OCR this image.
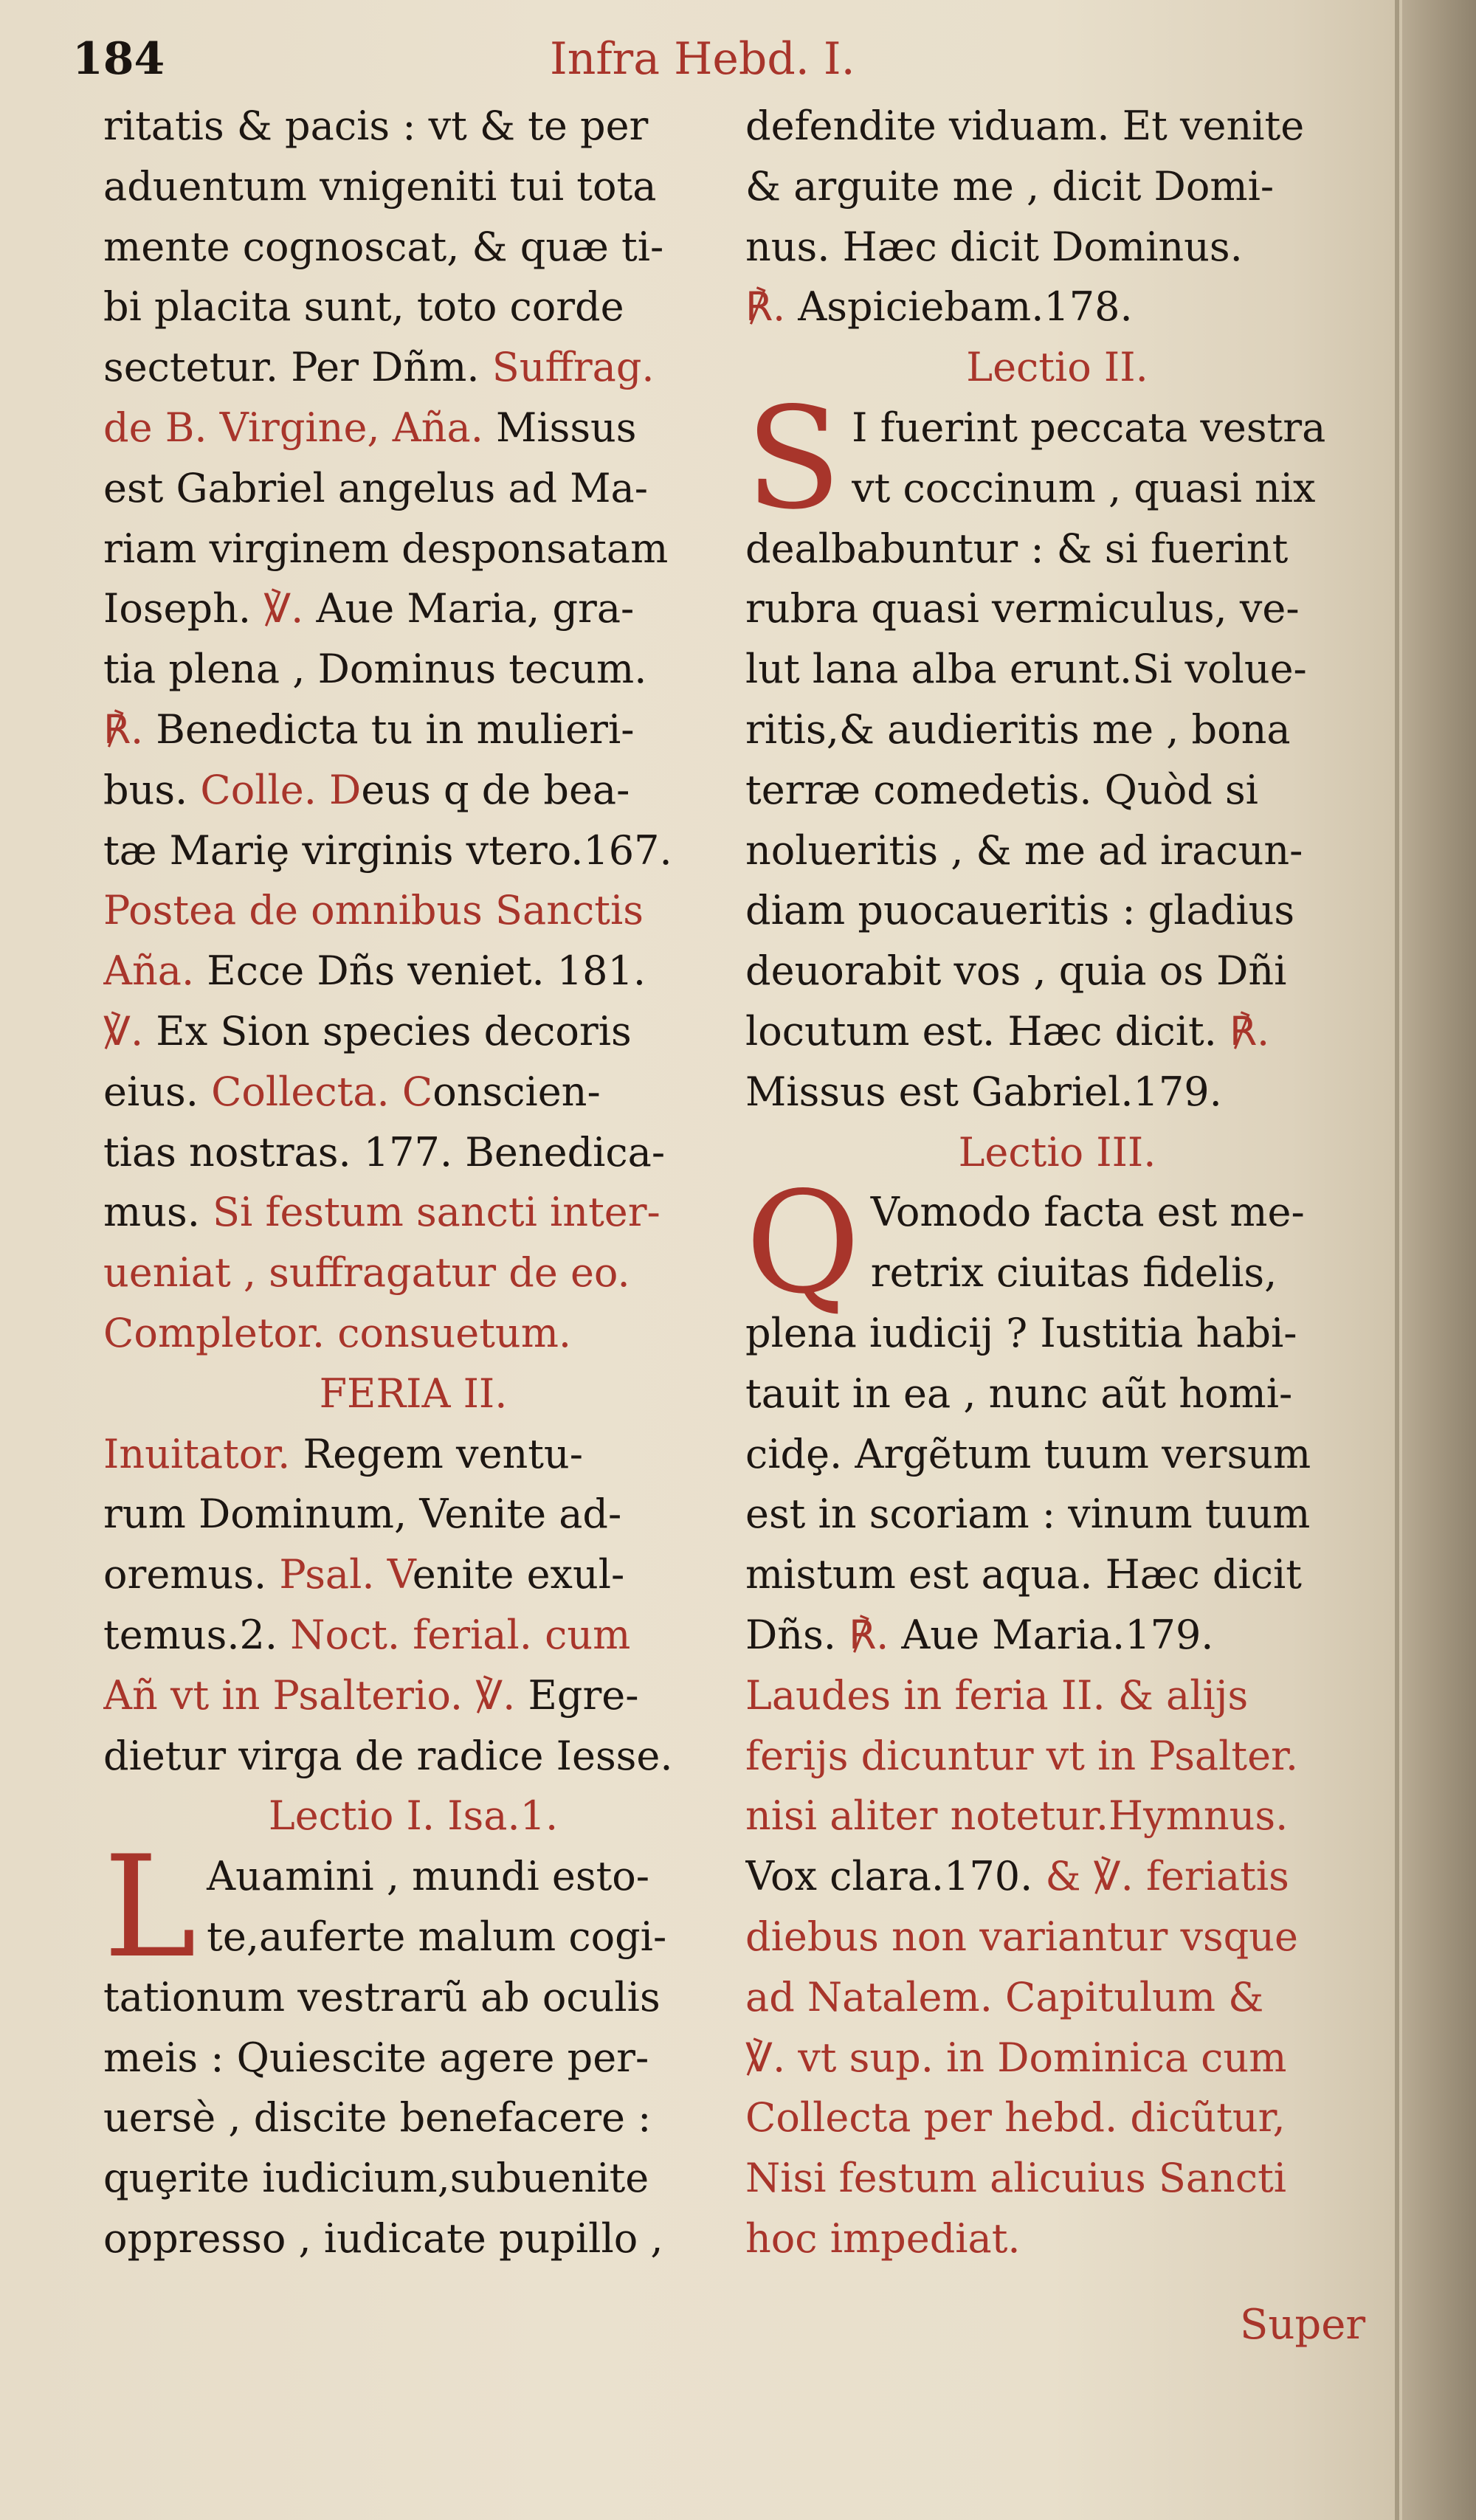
184	Infra Hebd. I.
ritatis & pacis : vt & te per
aduentum vnigeniti tui tota
mente cognoscat, & quæ ti-
bi placita sunt, toto corde
sectetur. Per Dñm. Suffrag.
de B. Virgine, Aña. Missus
est Gabriel angelus ad Ma-
riam virginem desponsatam
Ioseph. ℣. Aue Maria, gra-
tia plena , Dominus tecum.
℟. Benedicta tu in mulieri-
bus. Colle. Deus q de bea-
tæ Mariȩ virginis vtero.167.
Postea de omnibus Sanctis
Aña. Ecce Dñs veniet. 181.
℣. Ex Sion species decoris
eius. Collecta. Conscien-
tias nostras. 177. Benedica-
mus. Si festum sancti inter-
ueniat , suffragatur de eo.
Completor. consuetum.
FERIA II.
Inuitator. Regem ventu-
rum Dominum, Venite ad-
oremus. Psal. Venite exul-
temus.2. Noct. ferial. cum
Añ vt in Psalterio. ℣. Egre-
dietur virga de radice Iesse.
Lectio I. Isa.1.
L Auamini , mundi esto-
te,auferte malum cogi-
tationum vestrarũ ab oculis
meis : Quiescite agere per-
uersè , discite benefacere :
quȩrite iudicium,subuenite
oppresso , iudicate pupillo ,
defendite viduam. Et venite
& arguite me , dicit Domi-
nus. Hæc dicit Dominus.
℟. Aspiciebam.178.
Lectio II.
S I fuerint peccata vestra
vt coccinum , quasi nix
dealbabuntur : & si fuerint
rubra quasi vermiculus, ve-
lut lana alba erunt.Si volue-
ritis,& audieritis me , bona
terræ comedetis. Quòd si
nolueritis , & me ad iracun-
diam puocaueritis : gladius
deuorabit vos , quia os Dñi
locutum est. Hæc dicit. ℟.
Missus est Gabriel.179.
Lectio III.
Q Vomodo facta est me-
retrix ciuitas fidelis,
plena iudicij ? Iustitia habi-
tauit in ea , nunc aũt homi-
cidȩ. Argẽtum tuum versum
est in scoriam : vinum tuum
mistum est aqua. Hæc dicit
Dñs. ℟. Aue Maria.179.
Laudes in feria II. & alijs
ferijs dicuntur vt in Psalter.
nisi aliter notetur.Hymnus.
Vox clara.170. & ℣. feriatis
diebus non variantur vsque
ad Natalem. Capitulum &
℣. vt sup. in Dominica cum
Collecta per hebd. dicũtur,
Nisi festum alicuius Sancti
hoc impediat.
Super
